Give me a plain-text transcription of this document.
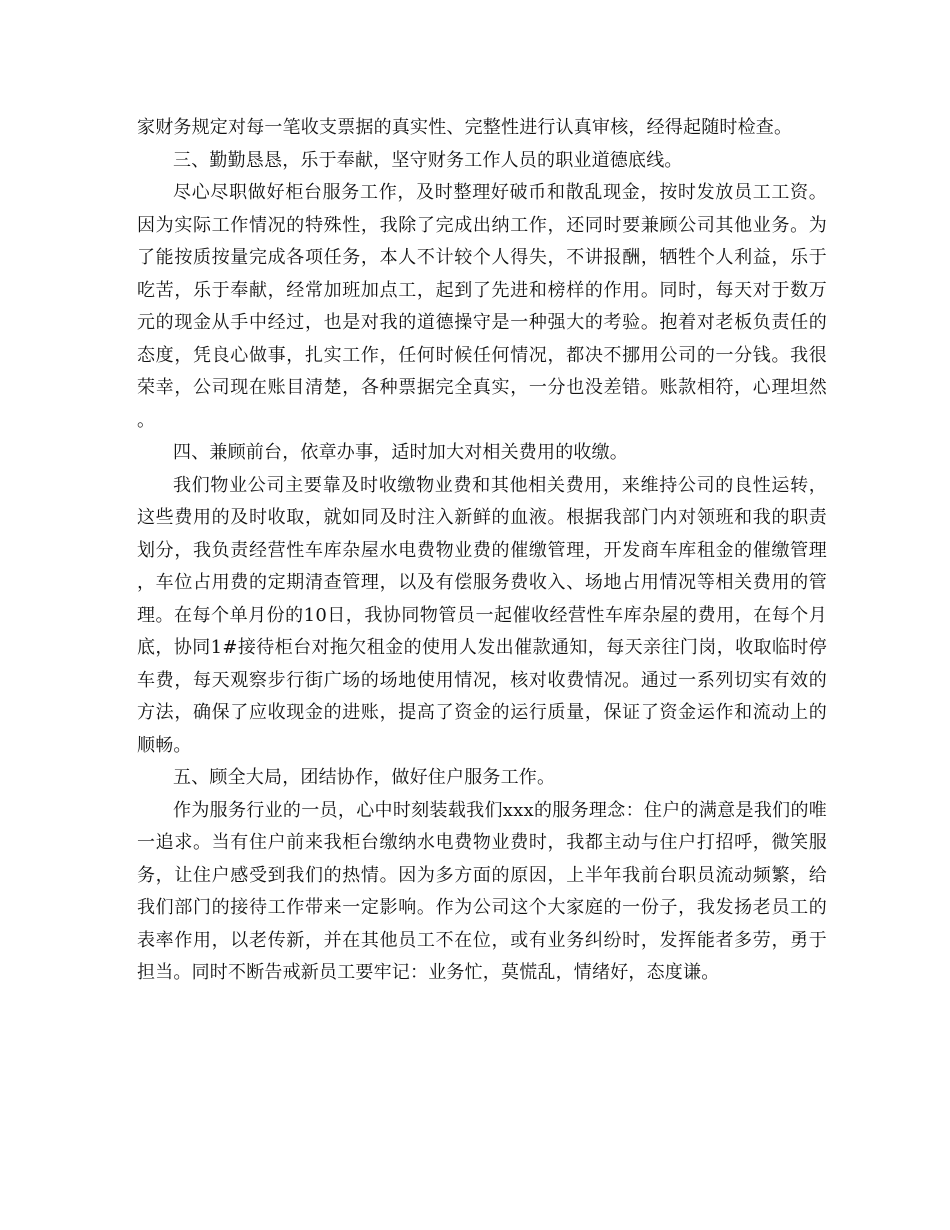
家财务规定对每一笔收支票据的真实性、完整性进行认真审核，经得起随时检查。

三、勤勤恳恳，乐于奉献，坚守财务工作人员的职业道德底线。

尽心尽职做好柜台服务工作，及时整理好破币和散乱现金，按时发放员工工资。因为实际工作情况的特殊性，我除了完成出纳工作，还同时要兼顾公司其他业务。为了能按质按量完成各项任务，本人不计较个人得失，不讲报酬，牺牲个人利益，乐于吃苦，乐于奉献，经常加班加点工，起到了先进和榜样的作用。同时，每天对于数万元的现金从手中经过，也是对我的道德操守是一种强大的考验。抱着对老板负责任的态度，凭良心做事，扎实工作，任何时候任何情况，都决不挪用公司的一分钱。我很荣幸，公司现在账目清楚，各种票据完全真实，一分也没差错。账款相符，心理坦然。

四、兼顾前台，依章办事，适时加大对相关费用的收缴。

我们物业公司主要靠及时收缴物业费和其他相关费用，来维持公司的良性运转，这些费用的及时收取，就如同及时注入新鲜的血液。根据我部门内对领班和我的职责划分，我负责经营性车库杂屋水电费物业费的催缴管理，开发商车库租金的催缴管理，车位占用费的定期清查管理，以及有偿服务费收入、场地占用情况等相关费用的管理。在每个单月份的10日，我协同物管员一起催收经营性车库杂屋的费用，在每个月底，协同1#接待柜台对拖欠租金的使用人发出催款通知，每天亲往门岗，收取临时停车费，每天观察步行街广场的场地使用情况，核对收费情况。通过一系列切实有效的方法，确保了应收现金的进账，提高了资金的运行质量，保证了资金运作和流动上的顺畅。

五、顾全大局，团结协作，做好住户服务工作。

作为服务行业的一员，心中时刻装载我们xxx的服务理念：住户的满意是我们的唯一追求。当有住户前来我柜台缴纳水电费物业费时，我都主动与住户打招呼，微笑服务，让住户感受到我们的热情。因为多方面的原因，上半年我前台职员流动频繁，给我们部门的接待工作带来一定影响。作为公司这个大家庭的一份子，我发扬老员工的表率作用，以老传新，并在其他员工不在位，或有业务纠纷时，发挥能者多劳，勇于担当。同时不断告戒新员工要牢记：业务忙，莫慌乱，情绪好，态度谦。
